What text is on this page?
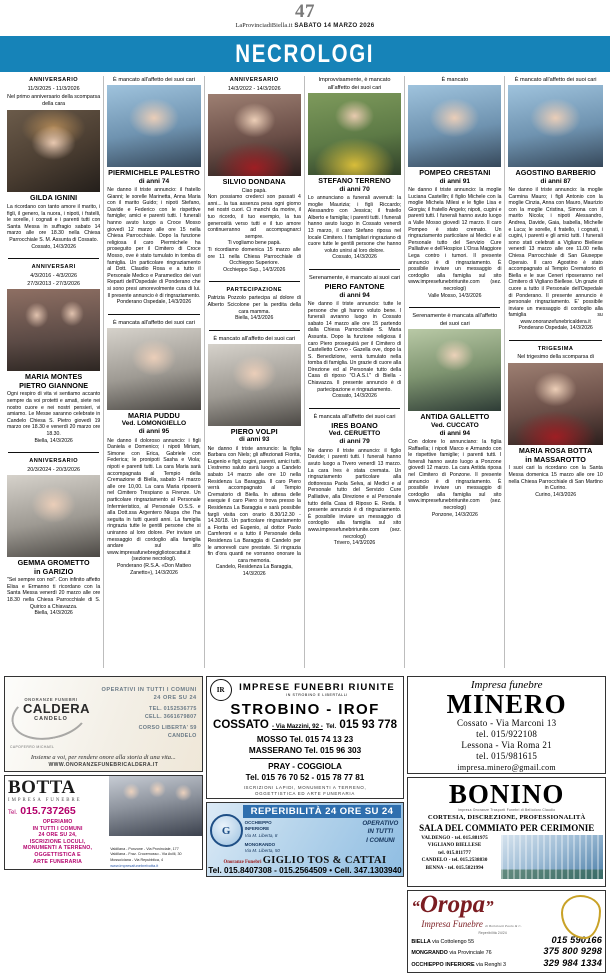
47
LaProvinciadiBiella.it SABATO 14 MARZO 2026
NECROLOGI
ANNIVERSARIO
11/3/2025 - 11/3/2026
Nel primo anniversario della scomparsa della cara
GILDA IGNINI
La ricordano con tanto amore il marito, i figli, il genero, la nuora, i nipoti, i fratelli, le sorelle, i cognati e i parenti tutti con Santa Messa in suffragio sabato 14 marzo alle ore 18.30 nella Chiesa Parrocchiale S. M. Assunta di Cossato.
Cossato, 14/3/2026
ANNIVERSARI
4/3/2016 - 4/3/2026
27/3/2013 - 27/3/2026
MARIA MONTES
PIETRO GIANNONE
Ogni respiro di vita vi sentiamo accanto sempre da voi protetti e amati, siete nei nostro cuore e nei nostri pensieri, vi amiamo. Le Messe saranno celebrate in Candelo Chiesa S. Pietro giovedì 19 marzo ore 18.30 e venerdì 20 marzo ore 18.30.
Biella, 14/3/2026
ANNIVERSARIO
20/3/2024 - 20/3/2026
GEMMA GROMETTO
in GARIZIO
"Sei sempre con noi". Con infinito affetto Elisa e Ermanno ti ricordano con la Santa Messa venerdì 20 marzo alle ore 18.30 nella Chiesa Parrocchiale di S. Quirico a Chiavazza.
Biella, 14/3/2026
È mancato all'affetto dei suoi cari
PIERMICHELE PALESTRO
di anni 74
Ne danno il triste annuncio: il fratello Gianni; le sorelle Marinetta, Anna Maria con il marito Guido; i nipoti Stefano, Davide e Federico con le rispettive famiglie; amici e parenti tutti. I funerali hanno avuto luogo a Croce Mosso giovedì 12 marzo alle ore 15 nella Chiesa Parrocchiale. Dopo la funzione religiosa il caro Piermichele ha proseguito per il Cimitero di Croce Mosso, ove è stato tumulato in tomba di famiglia. Un particolare ringraziamento al Dott. Claudio Rosa e a tutto il Personale Medico e Paramedico dei vari Reparti dell'Ospedale di Ponderano che si sono presi amorevolmente cura di lui. Il presente annuncio è di ringraziamento.
Ponderano Ospedale, 14/3/2026
È mancata all'affetto dei suoi cari
MARIA PUDDU
Ved. LOMONGIELLO
di anni 95
Ne danno il doloroso annuncio: i figli Daniela e Domenico; i nipoti Miriam, Simone con Erica, Gabriele con Federica; le pronipoti Sasha e Viola; nipoti e parenti tutti. La cara Maria sarà accompagnata al Tempio della Cremazione di Biella, sabato 14 marzo alle ore 10,00. La cara Maria riposerà nel Cimitero Trespiano a Firenze. Un particolare ringraziamento al Personale Infermieristico, al Personale O.S.S. e alla Dott.ssa Argentero Nkupa che l'ha seguita in tutti questi anni. La famiglia ringrazia tutte le gentili persone che si uniranno al loro dolore. Per inviare un messaggio di cordoglio alla famiglia andare sul sito www.impresafunebregigliotoscattai.it (sezione necrologi).
Ponderano (R.S.A. «Don Matteo Zanetto»), 14/3/2026
ANNIVERSARIO
14/3/2022 - 14/3/2026
SILVIO DONDANA
Ciao papà.
Non possiamo crederci son passati 4 anni... la tua assenza pesa ogni giorno nei nostri cuori. Ci manchi da morire, il tuo ricordo, il tuo esempio, la tua generosità verso tutti e il tuo amore continueranno ad accompagnarci sempre.
Ti vogliamo bene papà.
Ti ricordiamo domenica 15 marzo alle ore 11 nella Chiesa Parrocchiale di Occhieppo Superiore.
Occhieppo Sup., 14/3/2026
PARTECIPAZIONE
Patrizia Pozzolo partecipa al dolore di Alberto Scicolone per la perdita della cara mamma.
Biella, 14/3/2026
È mancato all'affetto dei suoi cari
PIERO VOLPI
di anni 93
Ne danno il triste annuncio: la figlia Barbara con Niels; gli affezionati Fiorita, Eugenio e figli; cugini, parenti, amici tutti. L'estremo saluto avrà luogo a Candelo sabato 14 marzo alle ore 10 nella Residenza La Baraggia. Il caro Piero verrà accompagnato al Tempio Crematorio di Biella. In attesa delle esequie il caro Piero si trova presso la Residenza La Baraggia e sarà possibile fargli visita con orario 8.30/12.30 - 14.30/18. Un particolare ringraziamento a Fiorita ed Eugenio, al dottor Paolo Camferoni e a tutto il Personale della Residenza La Baraggia di Candelo per le amorevoli cure prestate. Si ringrazia fin d'ora quanti ne vorranno onorare la cara memoria.
Candelo, Residenza La Baraggia, 14/3/2026
Improvvisamente, è mancato all'affetto dei suoi cari
STEFANO TERRENO
di anni 70
Lo annunciano a funerali avvenuti: la moglie Maurizia; i figli Riccardo; Alessandro con Jessica; il fratello Alberto e famiglia; i parenti tutti. I funerali hanno avuto luogo in Cossato venerdì 13 marzo, il caro Stefano riposa nel locale Cimitero. I famigliari ringraziano di cuore tutte le gentili persone che hanno voluto unirsi al loro dolore.
Cossato, 14/3/2026
Serenamente, è mancato ai suoi cari
PIERO FANTONE
di anni 94
Ne danno il triste annuncio: tutte le persone che gli hanno voluto bene. I funerali avranno luogo in Cossato sabato 14 marzo alle ore 15 partendo dalla Chiesa Parrocchiale S. Maria Assunta. Dopo la funzione religiosa il caro Piero proseguirà per il Cimitero di Castelletto Cervo - Gazella ove, dopo la S. Benedizione, verrà tumulato nella tomba di famiglia. Un grazie di cuore alla Direzione ed al Personale tutto della Casa di riposo "O.A.S.I." di Biella - Chiavazza. Il presente annuncio è di partecipazione e ringraziamento.
Cossato, 14/3/2026
È mancata all'affetto dei suoi cari
IRES BOANO
Ved. CERUETTO
di anni 79
Ne danno il triste annuncio: il figlio Davide; i parenti tutti. I funerali hanno avuto luogo a Tivero venerdì 13 marzo. La cara Ires è stata cremata. Un ringraziamento particolare alla dottoressa Paola Selva, ai Medici e al Personale tutto del Servizio Cure Palliative, alla Direzione e al Personale tutto della Casa di Riposo E. Reda. Il presente annuncio è di ringraziamento. È possibile inviare un messaggio di cordoglio alla famiglia sul sito www.impresefunebririunite.com (sez. necrologi)
Trivero, 14/3/2026
È mancato
POMPEO CRESTANI
di anni 91
Ne danno il triste annuncio: la moglie Luciana Castellin; il figlio Michele con la moglie Michela Milesi e le figlie Lisa e Giorgia; il fratello Angelo; nipoti, cugini e parenti tutti. I funerali hanno avuto luogo a Valle Mosso giovedì 12 marzo. Il caro Pompeo è stato cremato. Un ringraziamento particolare ai Medici e al Personale tutto del Servizio Cure Palliative e dell'Hospice L'Orsa Maggiore Lega contro i tumori. Il presente annuncio è di ringraziamento. È possibile inviare un messaggio di cordoglio alla famiglia sul sito www.impresefunebririunite.com (sez. necrologi)
Valle Mosso, 14/3/2026
Serenamente è mancata all'affetto dei suoi cari
ANTIDA GALLETTO
Ved. CUCCATO
di anni 94
Con dolore lo annunciano: la figlia Raffaella; i nipoti Marco e Armando con le rispettive famiglie; i parenti tutti. I funerali hanno avuto luogo a Ponzone giovedì 12 marzo. La cara Antida riposa nel Cimitero di Ponzone. Il presente annuncio è di ringraziamento. È possibile inviare un messaggio di cordoglio alla famiglia sul sito www.impresefunebririunite.com (sez. necrologi)
Ponzone, 14/3/2026
È mancato all'affetto dei suoi cari
AGOSTINO BARBERIO
di anni 87
Ne danno il triste annuncio: la moglie Carmina Mauro; i figli Antonio con la moglie Cinzia, Anna con Mauro, Maurizio con la moglie Cristina, Simona con il marito Nicola; i nipoti Alessandro, Andrea, Davide, Gaia, Isabella, Michelle e Luca; le sorelle, il fratello, i cognati, i cugini, i parenti e gli amici tutti. I funerali sono stati celebrati a Vigliano Biellese venerdì 13 marzo alle ore 11.00 nella Chiesa Parrocchiale di San Giuseppe Operaio. Il caro Agostino è stato accompagnato al Tempio Crematorio di Biella e le sue Ceneri riposeranno nel Cimitero di Vigliano Biellese. Un grazie di cuore a tutto il Personale dell'Ospedale di Ponderano. Il presente annuncio è personale ringraziamento. E' possibile inviare un messaggio di cordoglio alla famiglia su www.onoranzefunebricaldera.it
Ponderano Ospedale, 14/3/2026
TRIGESIMA
Nel trigesimo della scomparsa di
MARIA ROSA BOTTA
in MASSAROTTO
I suoi cari la ricordano con la Santa Messa domenica 15 marzo alle ore 10 nella Chiesa Parrocchiale di San Martino in Curino.
Curino, 14/3/2026
ONORANZE FUNEBRI
CALDERA
CANDELO
OPERATIVI IN TUTTI I COMUNI
24 ORE SU 24
TEL. 0152536775
CELL. 3661679807
CORSO LIBERTA' 59
CANDELO
CAPOFERRO MICHAEL
Insieme a voi, per rendere onore alla storia di una vita...
WWW.ONORANZEFUNEBRICALDERA.IT
BOTTA
IMPRESA FUNEBRE
Tel. 015.737265
OPERIAMO
IN TUTTI I COMUNI
24 ORE SU 24,
ISCRIZIONE LOCULI,
MONUMENTI A TERRENO,
OGGETTISTICA E
ARTE FUNERARIA
Valdilana - Ponzone - Via Provinciale, 177
Valdilana - Fraz. Crocemosso - Via Avilli, 30
Mosso/ciana - Via Repubblica, 4
www.impresafunebrebotta.it
IR	IMPRESE FUNEBRI RIUNITE
IN STROBINO E LIBERTALLI
STROBINO - IROF
COSSATO - Via Mazzini, 92 - Tel. 015 93 778
MOSSO Tel. 015 74 13 23
MASSERANO Tel. 015 96 303
PRAY - COGGIOLA
Tel. 015 76 70 52 - 015 78 77 81
ISCRIZIONI LAPIDI, MONUMENTI A TERRENO,
OGGETTISTICA ED ARTE FUNERARIA
G
REPERIBILITÀ 24 ORE SU 24
OCCHIEPPO
INFERIORE
Via M. Liberta, 8
MONGRANDO
Via M. Liberta, 50
OPERATIVO
IN TUTTI
I COMUNI
Onoranze Funebri GIGLIO TOS & CATTAI
Tel. 015.8407308 - 015.2564509 • Cell. 347.1303940
Impresa funebre
MINERO
Cossato - Via Marconi 13
tel. 015/922108
Lessona - Via Roma 21
tel. 015/981615
impresa.minero@gmail.com
BONINO
Impresa Onoranze Trasporti Funebri di Bellodoro Claudio
CORTESIA, DISCREZIONE, PROFESSIONALITÀ
SALA DEL COMMIATO PER CERIMONIE
VALDENGO - tel. 015.881975
VIGLIANO BIELLESE
tel. 015.811777
CANDELO - tel. 015.2538830
BENNA - tel. 015.5821994
“Oropa”
Impresa Funebre di Bortolozzi Paolo & C.
Reperibilità 24/24
BIELLA via Cottolengo 55	015 590166
MONGRANDO via Provinciale 76	375 800 9298
OCCHIEPPO INFERIORE via Renghi 3	329 984 1334
